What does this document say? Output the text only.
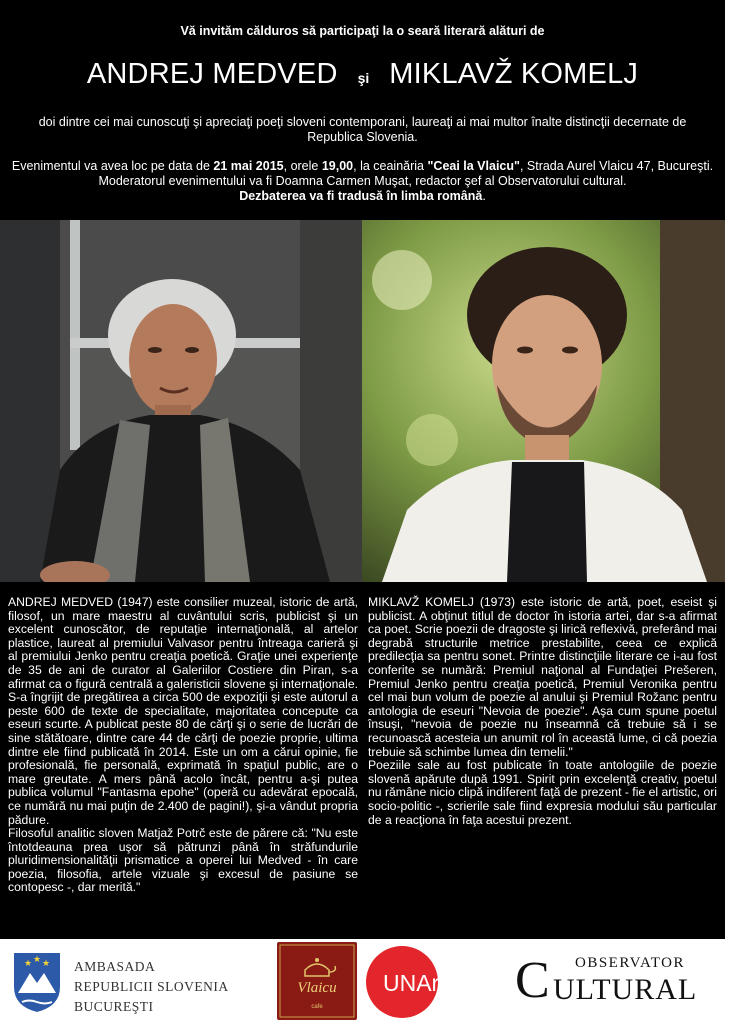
Vă invităm călduros să participaţi la o seară literară alături de
ANDREJ MEDVED şi MIKLAVŽ KOMELJ
doi dintre cei mai cunoscuţi şi apreciaţi poeţi sloveni contemporani, laureaţi ai mai multor înalte distincţii decernate de Republica Slovenia.
Evenimentul va avea loc pe data de 21 mai 2015, orele 19,00, la ceainăria "Ceai la Vlaicu", Strada Aurel Vlaicu 47, Bucureşti. Moderatorul evenimentului va fi Doamna Carmen Muşat, redactor şef al Observatorului cultural.
Dezbaterea va fi tradusă în limba română.

ANDREJ MEDVED (1947) este consilier muzeal, istoric de artă, filosof, un mare maestru al cuvântului scris, publicist şi un excelent cunoscător, de reputaţie internaţională, al artelor plastice, laureat al premiului Valvasor pentru întreaga carieră şi al premiului Jenko pentru creaţia poetică. Graţie unei experienţe de 35 de ani de curator al Galeriilor Costiere din Piran, s-a afirmat ca o figură centrală a galeristicii slovene şi internaţionale. S-a îngrijit de pregătirea a circa 500 de expoziţii şi este autorul a peste 600 de texte de specialitate, majoritatea concepute ca eseuri scurte. A publicat peste 80 de cărţi şi o serie de lucrări de sine stătătoare, dintre care 44 de cărţi de poezie proprie, ultima dintre ele fiind publicată în 2014. Este un om a cărui opinie, fie profesională, fie personală, exprimată în spaţiul public, are o mare greutate. A mers până acolo încât, pentru a-şi putea publica volumul "Fantasma epohe" (operă cu adevărat epocală, ce numără nu mai puţin de 2.400 de pagini!), şi-a vândut propria pădure.

Filosoful analitic sloven Matjaž Potrč este de părere că: "Nu este întotdeauna prea uşor să pătrunzi până în străfundurile pluridimensionalităţii prismatice a operei lui Medved - în care poezia, filosofia, artele vizuale şi excesul de pasiune se contopesc -, dar merită."

MIKLAVŽ KOMELJ (1973) este istoric de artă, poet, eseist şi publicist. A obţinut titlul de doctor în istoria artei, dar s-a afirmat ca poet. Scrie poezii de dragoste şi lirică reflexivă, preferând mai degrabă structurile metrice prestabilite, ceea ce explică predilecţia sa pentru sonet. Printre distincţiile literare ce i-au fost conferite se numără: Premiul naţional al Fundaţiei Prešeren, Premiul Jenko pentru creaţia poetică, Premiul Veronika pentru cel mai bun volum de poezie al anului şi Premiul Rožanc pentru antologia de eseuri "Nevoia de poezie". Aşa cum spune poetul însuşi, "nevoia de poezie nu înseamnă că trebuie să i se recunoască acesteia un anumit rol în această lume, ci că poezia trebuie să schimbe lumea din temelii."

Poeziile sale au fost publicate în toate antologiile de poezie slovenă apărute după 1991. Spirit prin excelenţă creativ, poetul nu rămâne nicio clipă indiferent faţă de prezent - fie el artistic, ori socio-politic -, scrierile sale fiind expresia modului său particular de a reacţiona în faţa acestui prezent.

★ ★ ★ AMBASADA
REPUBLICII SLOVENIA
BUCUREŞTI
Vlaicu
cafe
UNArte C OBSERVATOR
ULTURAL
